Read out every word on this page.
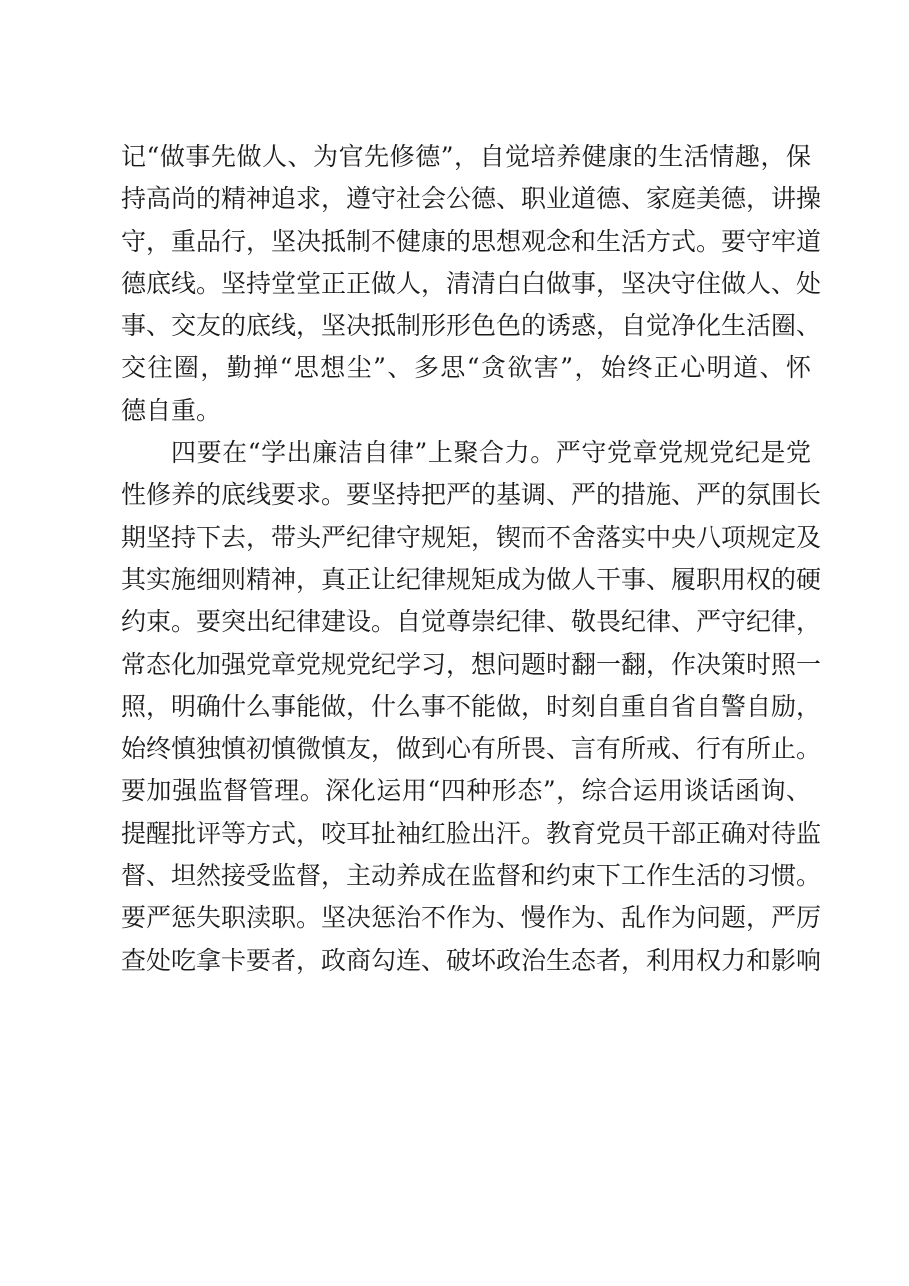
记“做事先做人、为官先修德”，自觉培养健康的生活情趣，保
持高尚的精神追求，遵守社会公德、职业道德、家庭美德，讲操
守，重品行，坚决抵制不健康的思想观念和生活方式。要守牢道
德底线。坚持堂堂正正做人，清清白白做事，坚决守住做人、处
事、交友的底线，坚决抵制形形色色的诱惑，自觉净化生活圈、
交往圈，勤掸“思想尘”、多思“贪欲害”，始终正心明道、怀
德自重。
四要在“学出廉洁自律”上聚合力。严守党章党规党纪是党
性修养的底线要求。要坚持把严的基调、严的措施、严的氛围长
期坚持下去，带头严纪律守规矩，锲而不舍落实中央八项规定及
其实施细则精神，真正让纪律规矩成为做人干事、履职用权的硬
约束。要突出纪律建设。自觉尊崇纪律、敬畏纪律、严守纪律，
常态化加强党章党规党纪学习，想问题时翻一翻，作决策时照一
照，明确什么事能做，什么事不能做，时刻自重自省自警自励，
始终慎独慎初慎微慎友，做到心有所畏、言有所戒、行有所止。
要加强监督管理。深化运用“四种形态”，综合运用谈话函询、
提醒批评等方式，咬耳扯袖红脸出汗。教育党员干部正确对待监
督、坦然接受监督，主动养成在监督和约束下工作生活的习惯。
要严惩失职渎职。坚决惩治不作为、慢作为、乱作为问题，严厉
查处吃拿卡要者，政商勾连、破坏政治生态者，利用权力和影响
